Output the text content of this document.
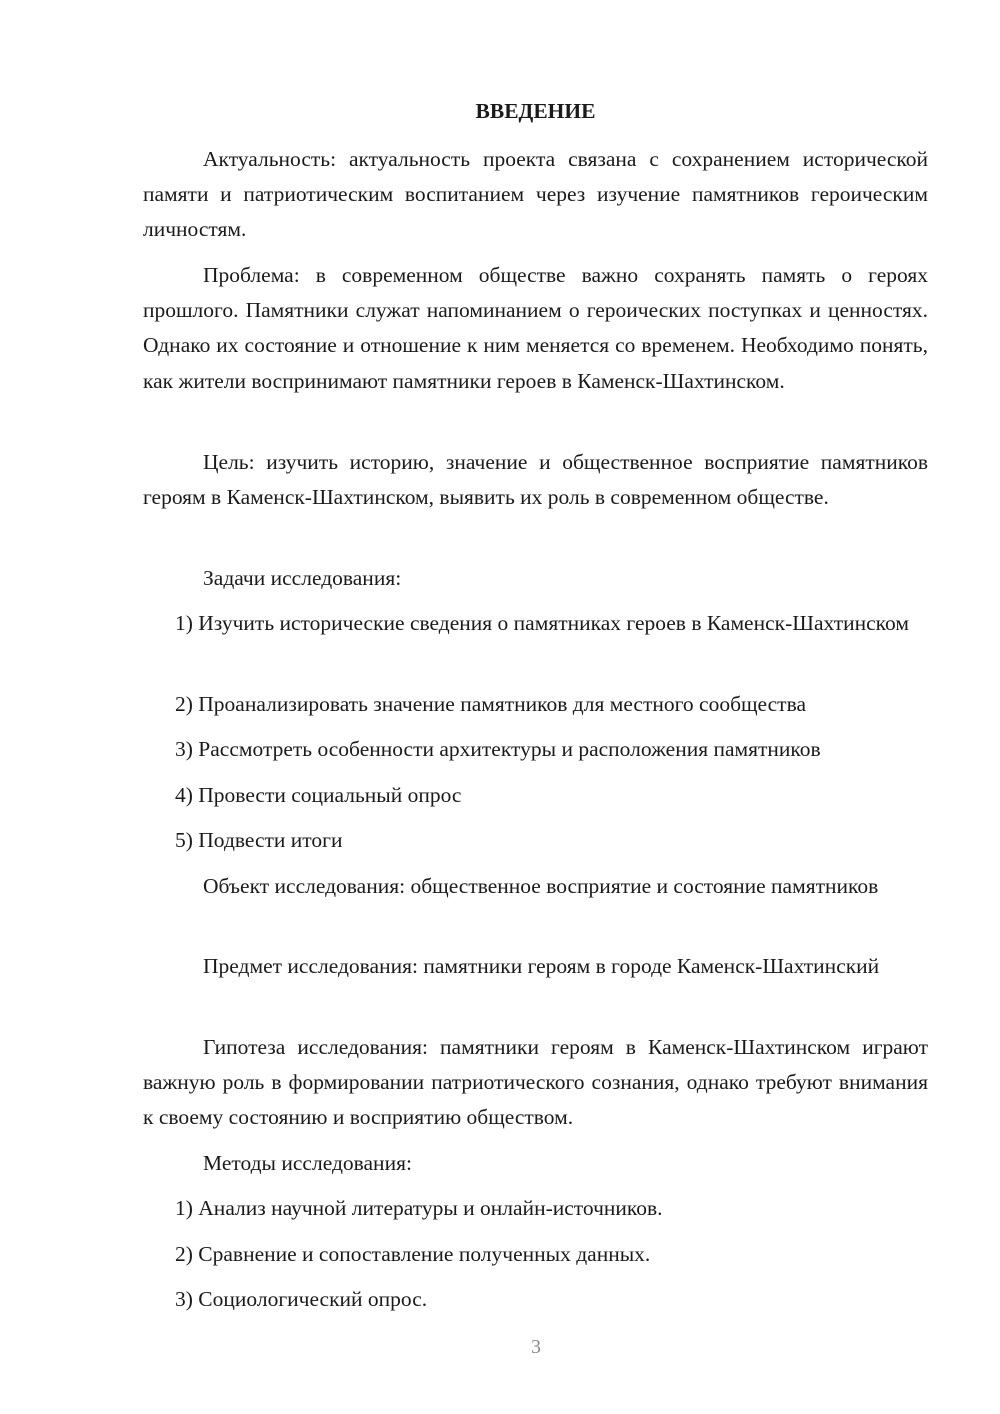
ВВЕДЕНИЕ

Актуальность: актуальность проекта связана с сохранением исторической памяти и патриотическим воспитанием через изучение памятников героическим личностям.

Проблема: в современном обществе важно сохранять память о героях прошлого. Памятники служат напоминанием о героических поступках и ценностях. Однако их состояние и отношение к ним меняется со временем. Необходимо понять, как жители воспринимают памятники героев в Каменск-Шахтинском.

Цель: изучить историю, значение и общественное восприятие памятников героям в Каменск-Шахтинском, выявить их роль в современном обществе.

Задачи исследования:

1) Изучить исторические сведения о памятниках героев в Каменск-Шахтинском

2) Проанализировать значение памятников для местного сообщества

3) Рассмотреть особенности архитектуры и расположения памятников

4) Провести социальный опрос

5) Подвести итоги

Объект исследования: общественное восприятие и состояние памятников

Предмет исследования: памятники героям в городе Каменск-Шахтинский

Гипотеза исследования: памятники героям в Каменск-Шахтинском играют важную роль в формировании патриотического сознания, однако требуют внимания к своему состоянию и восприятию обществом.

Методы исследования:

1) Анализ научной литературы и онлайн-источников.

2) Сравнение и сопоставление полученных данных.

3) Социологический опрос.

3
